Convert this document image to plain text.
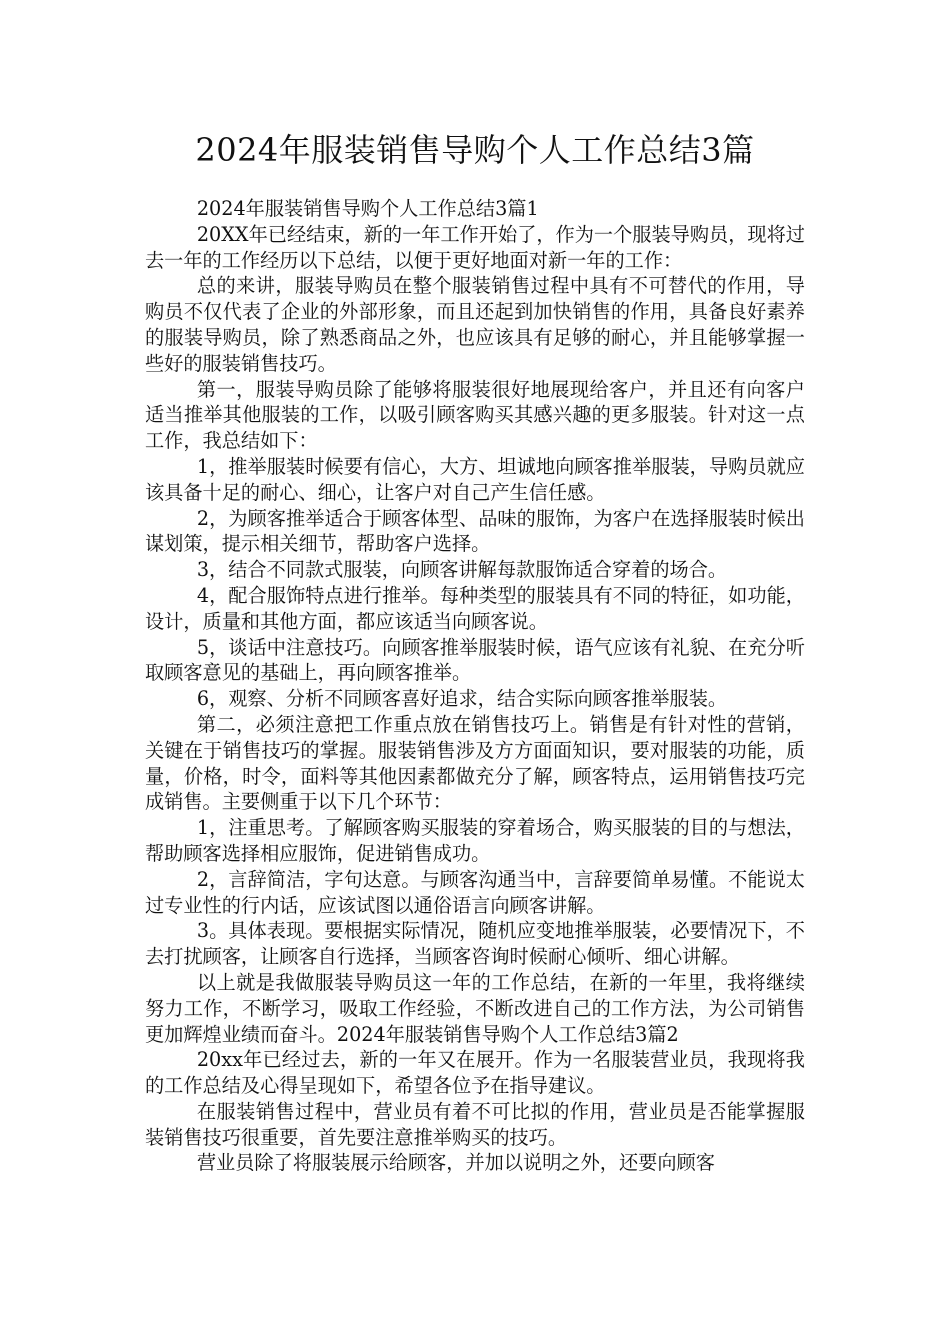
2024年服装销售导购个人工作总结3篇

2024年服装销售导购个人工作总结3篇1

20XX年已经结束，新的一年工作开始了，作为一个服装导购员，现将过去一年的工作经历以下总结，以便于更好地面对新一年的工作：

总的来讲，服装导购员在整个服装销售过程中具有不可替代的作用，导购员不仅代表了企业的外部形象，而且还起到加快销售的作用，具备良好素养的服装导购员，除了熟悉商品之外，也应该具有足够的耐心，并且能够掌握一些好的服装销售技巧。

第一，服装导购员除了能够将服装很好地展现给客户，并且还有向客户适当推举其他服装的工作，以吸引顾客购买其感兴趣的更多服装。针对这一点工作，我总结如下：

1，推举服装时候要有信心，大方、坦诚地向顾客推举服装，导购员就应该具备十足的耐心、细心，让客户对自己产生信任感。

2，为顾客推举适合于顾客体型、品味的服饰，为客户在选择服装时候出谋划策，提示相关细节，帮助客户选择。

3，结合不同款式服装，向顾客讲解每款服饰适合穿着的场合。

4，配合服饰特点进行推举。每种类型的服装具有不同的特征，如功能，设计，质量和其他方面，都应该适当向顾客说。

5，谈话中注意技巧。向顾客推举服装时候，语气应该有礼貌、在充分听取顾客意见的基础上，再向顾客推举。

6，观察、分析不同顾客喜好追求，结合实际向顾客推举服装。

第二，必须注意把工作重点放在销售技巧上。销售是有针对性的营销，关键在于销售技巧的掌握。服装销售涉及方方面面知识，要对服装的功能，质量，价格，时令，面料等其他因素都做充分了解，顾客特点，运用销售技巧完成销售。主要侧重于以下几个环节：

1，注重思考。了解顾客购买服装的穿着场合，购买服装的目的与想法，帮助顾客选择相应服饰，促进销售成功。

2，言辞简洁，字句达意。与顾客沟通当中，言辞要简单易懂。不能说太过专业性的行内话，应该试图以通俗语言向顾客讲解。

3。具体表现。要根据实际情况，随机应变地推举服装，必要情况下，不去打扰顾客，让顾客自行选择，当顾客咨询时候耐心倾听、细心讲解。

以上就是我做服装导购员这一年的工作总结，在新的一年里，我将继续努力工作，不断学习，吸取工作经验，不断改进自己的工作方法，为公司销售更加辉煌业绩而奋斗。2024年服装销售导购个人工作总结3篇2

20xx年已经过去，新的一年又在展开。作为一名服装营业员，我现将我的工作总结及心得呈现如下，希望各位予在指导建议。

在服装销售过程中，营业员有着不可比拟的作用，营业员是否能掌握服装销售技巧很重要，首先要注意推举购买的技巧。

营业员除了将服装展示给顾客，并加以说明之外，还要向顾客
